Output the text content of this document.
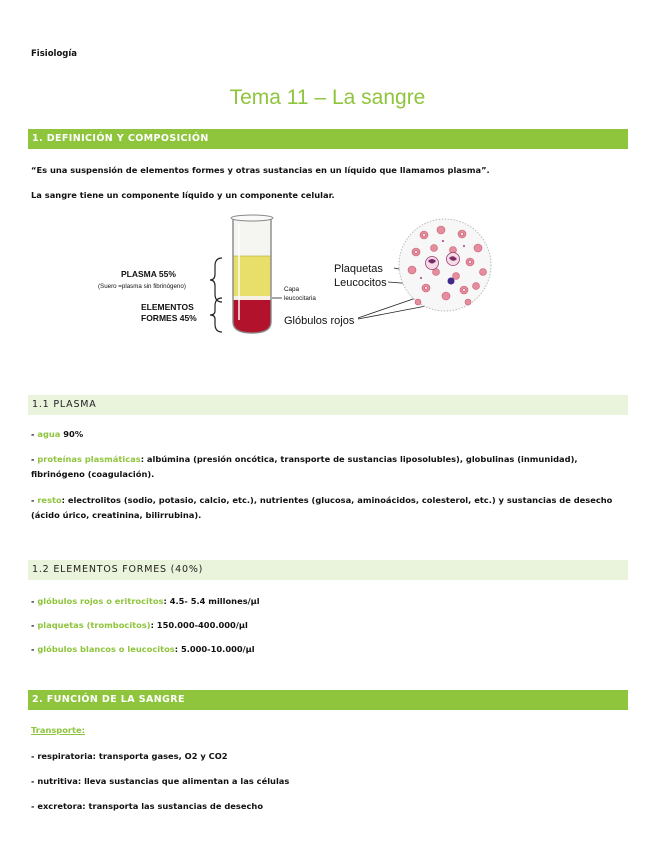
Fisiología
Tema 11 – La sangre
1. DEFINICIÓN Y COMPOSICIÓN
“Es una suspensión de elementos formes y otras sustancias en un líquido que llamamos plasma”.
La sangre tiene un componente líquido y un componente celular.
PLASMA 55%
(Suero =plasma sin fibrinógeno)
ELEMENTOS
FORMES 45%
Capa
leucocitaria
Plaquetas
Leucocitos
Glóbulos rojos
1.1 PLASMA
- agua 90%
- proteínas plasmáticas: albúmina (presión oncótica, transporte de sustancias liposolubles), globulinas (inmunidad), fibrinógeno (coagulación).
- resto: electrolitos (sodio, potasio, calcio, etc.), nutrientes (glucosa, aminoácidos, colesterol, etc.) y sustancias de desecho (ácido úrico, creatinina, bilirrubina).
1.2 ELEMENTOS FORMES (40%)
- glóbulos rojos o eritrocitos: 4.5- 5.4 millones/μl
- plaquetas (trombocitos): 150.000-400.000/μl
- glóbulos blancos o leucocitos: 5.000-10.000/μl
2. FUNCIÓN DE LA SANGRE
Transporte:
- respiratoria: transporta gases, O2 y CO2
- nutritiva: lleva sustancias que alimentan a las células
- excretora: transporta las sustancias de desecho
